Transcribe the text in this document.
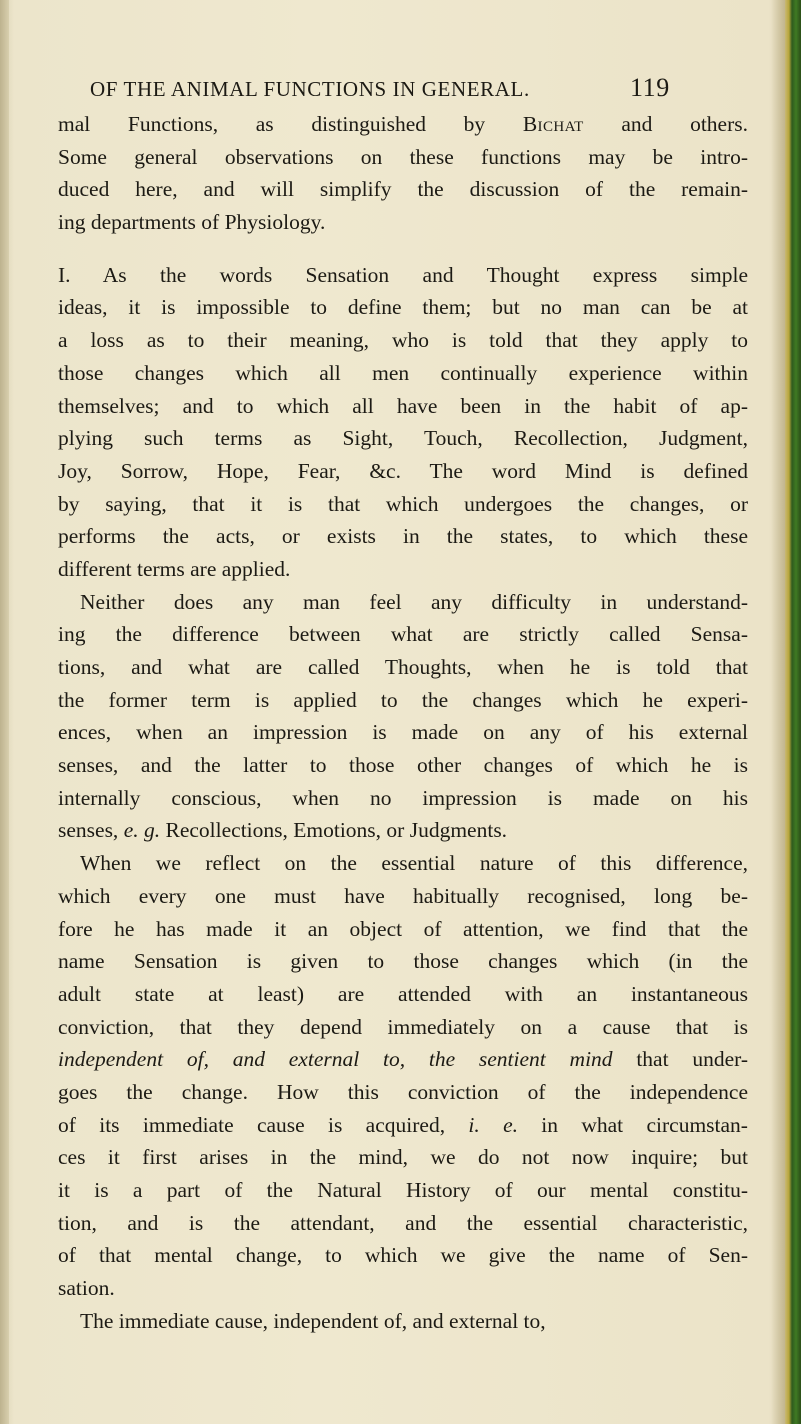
OF THE ANIMAL FUNCTIONS IN GENERAL.	119
mal Functions, as distinguished by Bichat and others.
Some general observations on these functions may be intro-
duced here, and will simplify the discussion of the remain-
ing departments of Physiology.
I. As the words Sensation and Thought express simple
ideas, it is impossible to define them; but no man can be at
a loss as to their meaning, who is told that they apply to
those changes which all men continually experience within
themselves; and to which all have been in the habit of ap-
plying such terms as Sight, Touch, Recollection, Judgment,
Joy, Sorrow, Hope, Fear, &c. The word Mind is defined
by saying, that it is that which undergoes the changes, or
performs the acts, or exists in the states, to which these
different terms are applied.
Neither does any man feel any difficulty in understand-
ing the difference between what are strictly called Sensa-
tions, and what are called Thoughts, when he is told that
the former term is applied to the changes which he experi-
ences, when an impression is made on any of his external
senses, and the latter to those other changes of which he is
internally conscious, when no impression is made on his
senses, e. g. Recollections, Emotions, or Judgments.
When we reflect on the essential nature of this difference,
which every one must have habitually recognised, long be-
fore he has made it an object of attention, we find that the
name Sensation is given to those changes which (in the
adult state at least) are attended with an instantaneous
conviction, that they depend immediately on a cause that is
independent of, and external to, the sentient mind that under-
goes the change. How this conviction of the independence
of its immediate cause is acquired, i. e. in what circumstan-
ces it first arises in the mind, we do not now inquire; but
it is a part of the Natural History of our mental constitu-
tion, and is the attendant, and the essential characteristic,
of that mental change, to which we give the name of Sen-
sation.
The immediate cause, independent of, and external to,
